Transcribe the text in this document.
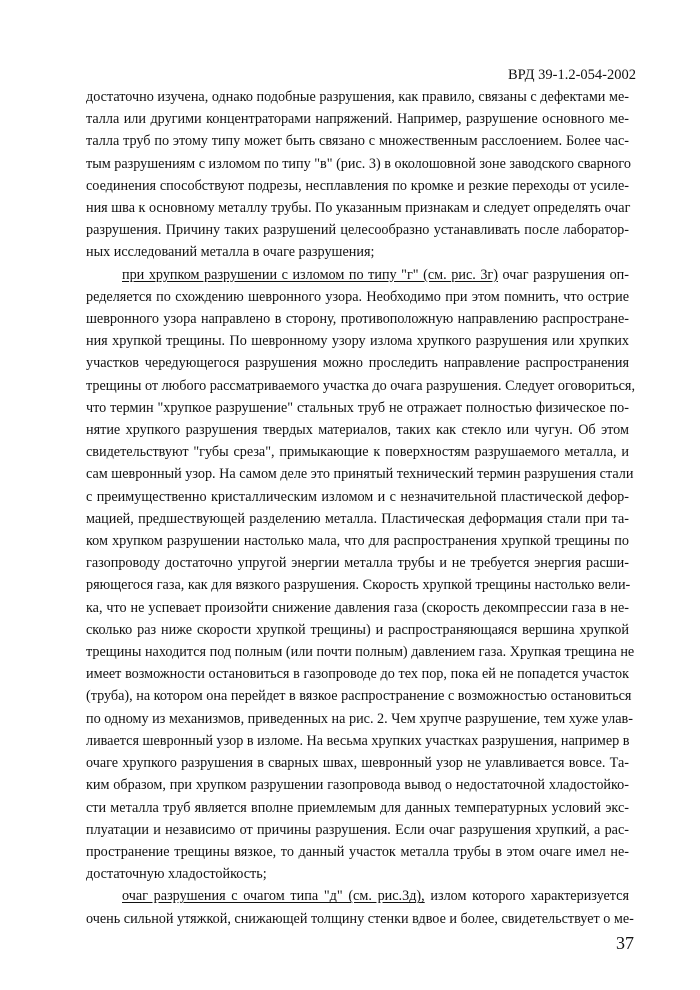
ВРД 39-1.2-054-2002
достаточно изучена, однако подобные разрушения, как правило, связаны с дефектами ме-
талла или другими концентраторами напряжений. Например, разрушение основного ме-
талла труб по этому типу может быть связано с множественным расслоением. Более час-
тым разрушениям с изломом по типу "в" (рис. 3) в околошовной зоне заводского сварного
соединения способствуют подрезы, несплавления по кромке и резкие переходы от усиле-
ния шва к основному металлу трубы. По указанным признакам и следует определять очаг
разрушения. Причину таких разрушений целесообразно устанавливать после лаборатор-
ных исследований металла в очаге разрушения;
при хрупком разрушении с изломом по типу "г" (см. рис. 3г) очаг разрушения оп-
ределяется по схождению шевронного узора. Необходимо при этом помнить, что острие
шевронного узора направлено в сторону, противоположную направлению распростране-
ния хрупкой трещины. По шевронному узору излома хрупкого разрушения или хрупких
участков чередующегося разрушения можно проследить направление распространения
трещины от любого рассматриваемого участка до очага разрушения. Следует оговориться,
что термин "хрупкое разрушение" стальных труб не отражает полностью физическое по-
нятие хрупкого разрушения твердых материалов, таких как стекло или чугун. Об этом
свидетельствуют "губы среза", примыкающие к поверхностям разрушаемого металла, и
сам шевронный узор. На самом деле это принятый технический термин разрушения стали
с преимущественно кристаллическим изломом и с незначительной пластической дефор-
мацией, предшествующей разделению металла. Пластическая деформация стали при та-
ком хрупком разрушении настолько мала, что для распространения хрупкой трещины по
газопроводу достаточно упругой энергии металла трубы и не требуется энергия расши-
ряющегося газа, как для вязкого разрушения. Скорость хрупкой трещины настолько вели-
ка, что не успевает произойти снижение давления газа (скорость декомпрессии газа в не-
сколько раз ниже скорости хрупкой трещины) и распространяющаяся вершина хрупкой
трещины находится под полным (или почти полным) давлением газа. Хрупкая трещина не
имеет возможности остановиться в газопроводе до тех пор, пока ей не попадется участок
(труба), на котором она перейдет в вязкое распространение с возможностью остановиться
по одному из механизмов, приведенных на рис. 2. Чем хрупче разрушение, тем хуже улав-
ливается шевронный узор в изломе. На весьма хрупких участках разрушения, например в
очаге хрупкого разрушения в сварных швах, шевронный узор не улавливается вовсе. Та-
ким образом, при хрупком разрушении газопровода вывод о недостаточной хладостойко-
сти металла труб является вполне приемлемым для данных температурных условий экс-
плуатации и независимо от причины разрушения. Если очаг разрушения хрупкий, а рас-
пространение трещины вязкое, то данный участок металла трубы в этом очаге имел не-
достаточную хладостойкость;
очаг разрушения с очагом типа "д" (см. рис.3д), излом которого характеризуется
очень сильной утяжкой, снижающей толщину стенки вдвое и более, свидетельствует о ме-
37
